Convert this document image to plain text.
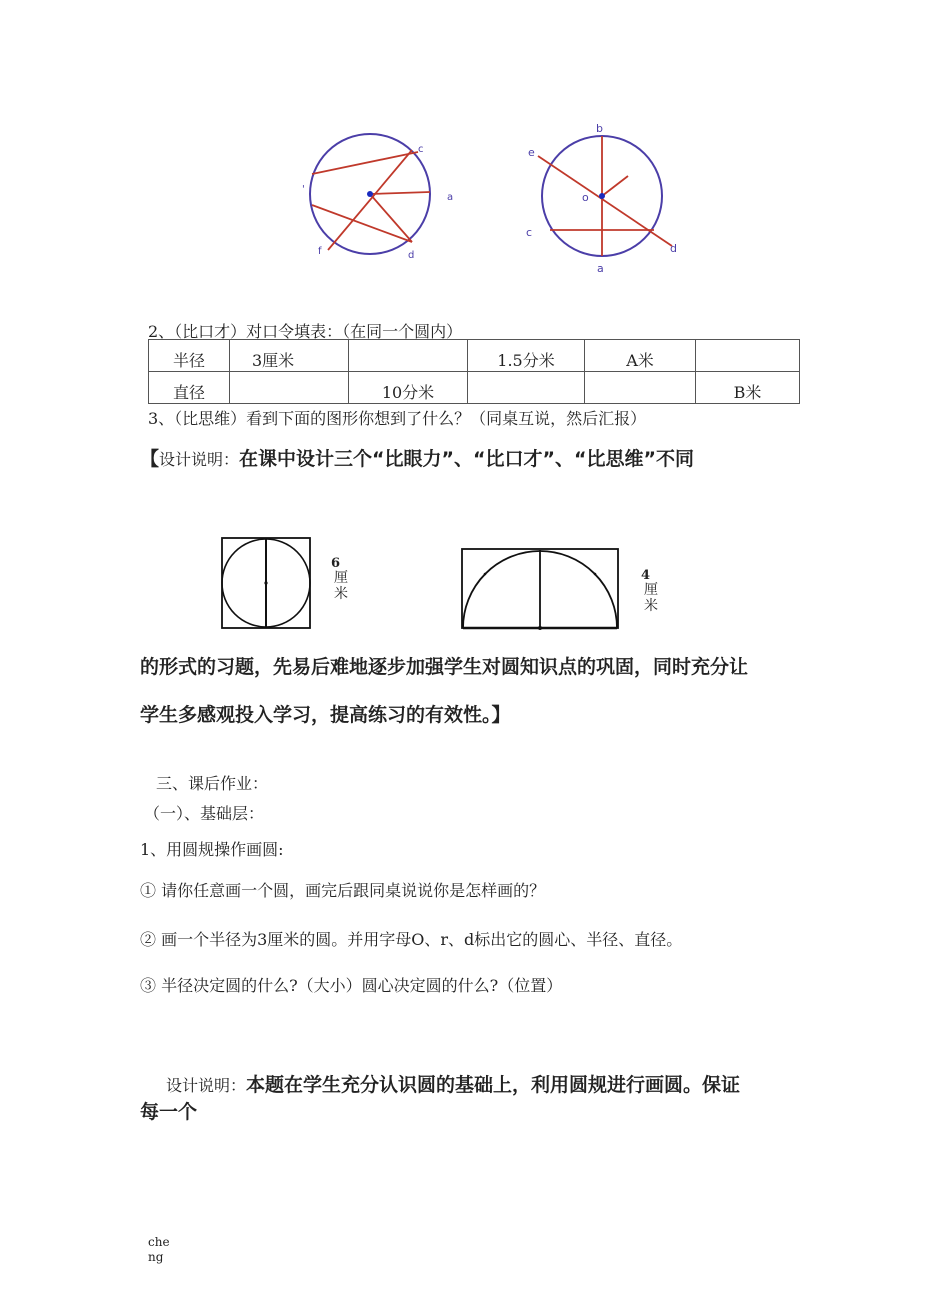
c
a
'
f	d
b
e
o
c
d
a
2、（比口才）对口令填表：（在同一个圆内）
半径	3厘米		1.5分米	A米	
直径		10分米			B米
3、（比思维）看到下面的图形你想到了什么？（同桌互说，然后汇报）
【设计说明：在课中设计三个“比眼力”、“比口才”、“比思维”不同
6
厘
米
4
厘
米
的形式的习题，先易后难地逐步加强学生对圆知识点的巩固，同时充分让
学生多感观投入学习，提高练习的有效性。】
三、课后作业：
（一）、基础层：
1、用圆规操作画圆:
① 请你任意画一个圆，画完后跟同桌说说你是怎样画的？
② 画一个半径为3厘米的圆。并用字母O、r、d标出它的圆心、半径、直径。
③ 半径决定圆的什么?（大小）圆心决定圆的什么?（位置）
设计说明：本题在学生充分认识圆的基础上，利用圆规进行画圆。保证
每一个
che
ng
